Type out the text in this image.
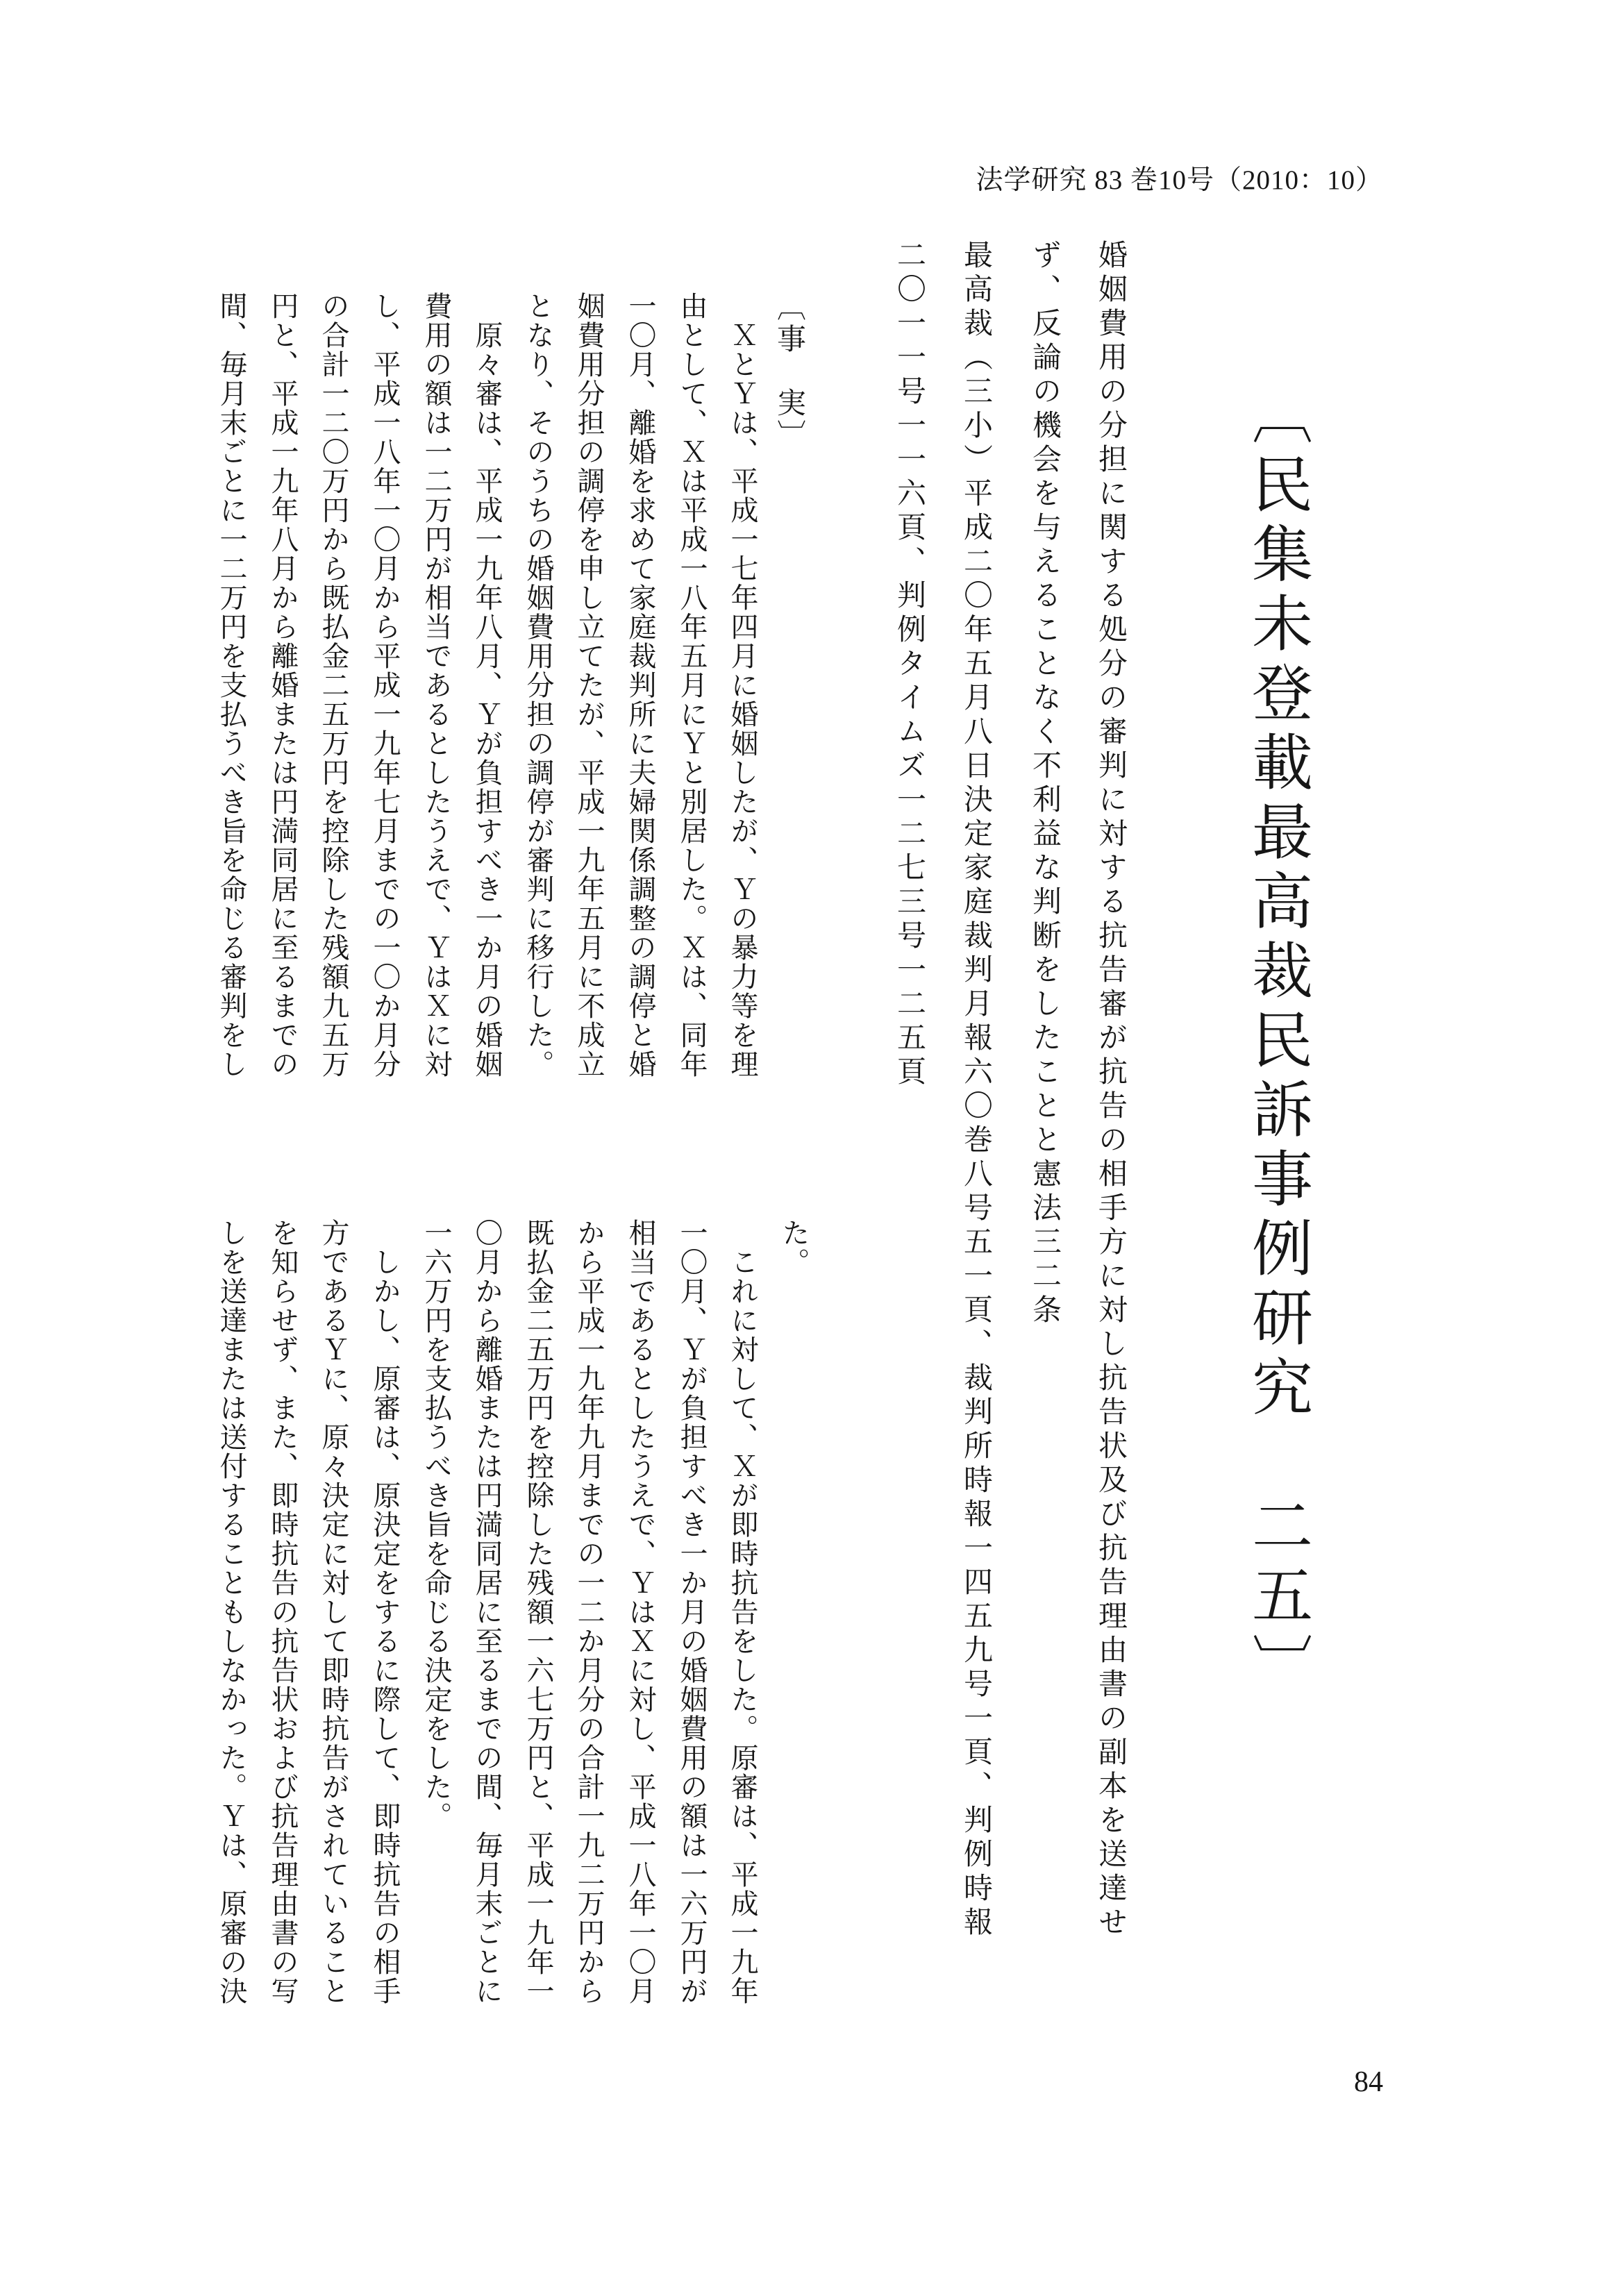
法学研究 83 巻10号（2010：10）
〔民集未登載最高裁民訴事例研究　二五〕
婚姻費用の分担に関する処分の審判に対する抗告審が抗告の相手方に対し抗告状及び抗告理由書の副本を送達せ
ず、反論の機会を与えることなく不利益な判断をしたことと憲法三二条
最高裁（三小）平成二〇年五月八日決定家庭裁判月報六〇巻八号五一頁、裁判所時報一四五九号一頁、判例時報
二〇一一号一一六頁、判例タイムズ一二七三号一二五頁
〔事　実〕
　ＸとＹは、平成一七年四月に婚姻したが、Ｙの暴力等を理
由として、Ｘは平成一八年五月にＹと別居した。Ｘは、同年
一〇月、離婚を求めて家庭裁判所に夫婦関係調整の調停と婚
姻費用分担の調停を申し立てたが、平成一九年五月に不成立
となり、そのうちの婚姻費用分担の調停が審判に移行した。
　原々審は、平成一九年八月、Ｙが負担すべき一か月の婚姻
費用の額は一二万円が相当であるとしたうえで、ＹはＸに対
し、平成一八年一〇月から平成一九年七月までの一〇か月分
の合計一二〇万円から既払金二五万円を控除した残額九五万
円と、平成一九年八月から離婚または円満同居に至るまでの
間、毎月末ごとに一二万円を支払うべき旨を命じる審判をし
た。
　これに対して、Ｘが即時抗告をした。原審は、平成一九年
一〇月、Ｙが負担すべき一か月の婚姻費用の額は一六万円が
相当であるとしたうえで、ＹはＸに対し、平成一八年一〇月
から平成一九年九月までの一二か月分の合計一九二万円から
既払金二五万円を控除した残額一六七万円と、平成一九年一
〇月から離婚または円満同居に至るまでの間、毎月末ごとに
一六万円を支払うべき旨を命じる決定をした。
　しかし、原審は、原決定をするに際して、即時抗告の相手
方であるＹに、原々決定に対して即時抗告がされていること
を知らせず、また、即時抗告の抗告状および抗告理由書の写
しを送達または送付することもしなかった。Ｙは、原審の決
84
